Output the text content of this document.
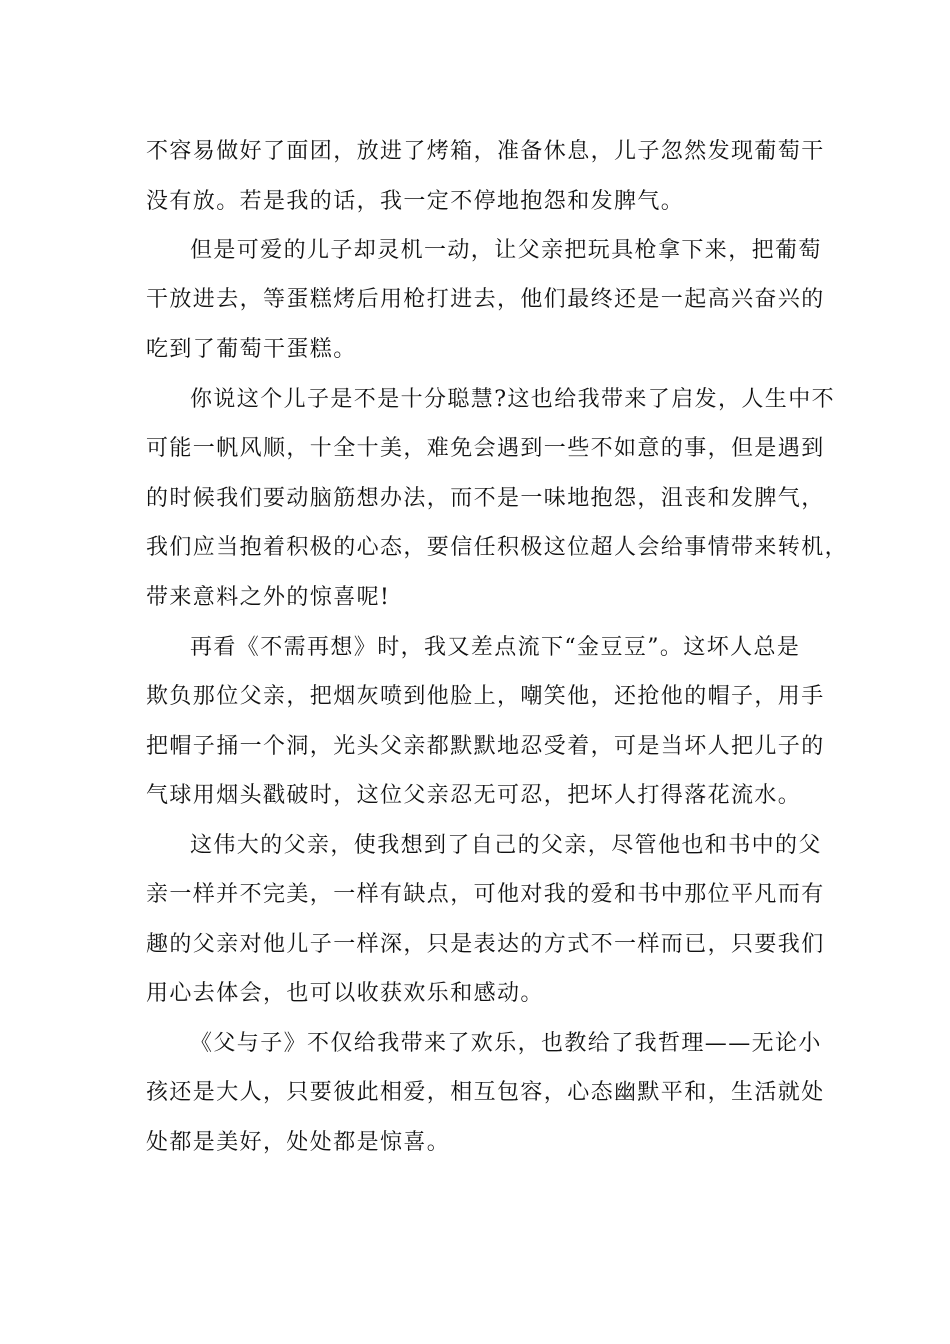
不容易做好了面团，放进了烤箱，准备休息，儿子忽然发现葡萄干
没有放。若是我的话，我一定不停地抱怨和发脾气。
但是可爱的儿子却灵机一动，让父亲把玩具枪拿下来，把葡萄
干放进去，等蛋糕烤后用枪打进去，他们最终还是一起高兴奋兴的
吃到了葡萄干蛋糕。
你说这个儿子是不是十分聪慧?这也给我带来了启发，人生中不
可能一帆风顺，十全十美，难免会遇到一些不如意的事，但是遇到
的时候我们要动脑筋想办法，而不是一味地抱怨，沮丧和发脾气，
我们应当抱着积极的心态，要信任积极这位超人会给事情带来转机，
带来意料之外的惊喜呢!
再看《不需再想》时，我又差点流下“金豆豆”。这坏人总是
欺负那位父亲，把烟灰喷到他脸上，嘲笑他，还抢他的帽子，用手
把帽子捅一个洞，光头父亲都默默地忍受着，可是当坏人把儿子的
气球用烟头戳破时，这位父亲忍无可忍，把坏人打得落花流水。
这伟大的父亲，使我想到了自己的父亲，尽管他也和书中的父
亲一样并不完美，一样有缺点，可他对我的爱和书中那位平凡而有
趣的父亲对他儿子一样深，只是表达的方式不一样而已，只要我们
用心去体会，也可以收获欢乐和感动。
《父与子》不仅给我带来了欢乐，也教给了我哲理——无论小
孩还是大人，只要彼此相爱，相互包容，心态幽默平和，生活就处
处都是美好，处处都是惊喜。
